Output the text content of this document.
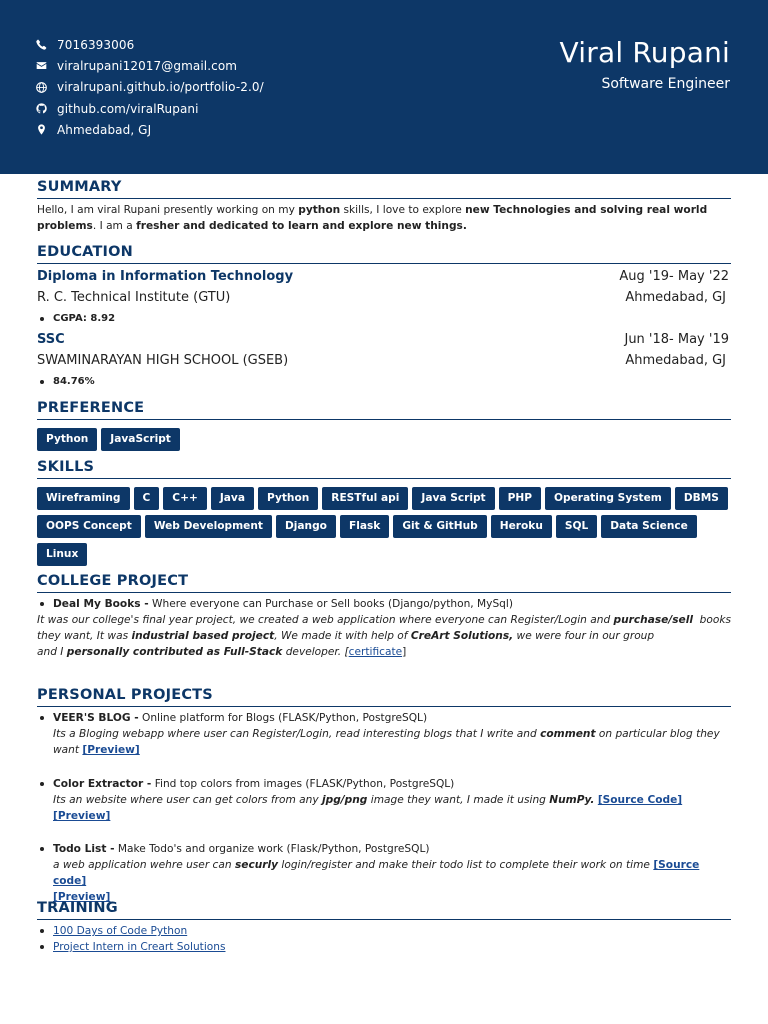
7016393006
viralrupani12017@gmail.com
viralrupani.github.io/portfolio-2.0/
github.com/viralRupani
Ahmedabad, GJ
Viral Rupani
Software Engineer
SUMMARY
Hello, I am viral Rupani presently working on my python skills, I love to explore new Technologies and solving real world problems. I am a fresher and dedicated to learn and explore new things.
EDUCATION
Diploma in Information Technology	Aug '19- May '22
R. C. Technical Institute (GTU)	Ahmedabad, GJ
CGPA: 8.92
SSC	Jun '18- May '19
SWAMINARAYAN HIGH SCHOOL (GSEB)	Ahmedabad, GJ
84.76%
PREFERENCE
Python	JavaScript
SKILLS
Wireframing	C	C++	Java	Python	RESTful api	Java Script	PHP	Operating System	DBMS
OOPS Concept	Web Development	Django	Flask	Git & GitHub	Heroku	SQL	Data Science
Linux
COLLEGE PROJECT
Deal My Books - Where everyone can Purchase or Sell books (Django/python, MySql)
It was our college's final year project, we created a web application where everyone can Register/Login and purchase/sell books
they want, It was industrial based project, We made it with help of CreArt Solutions, we were four in our group
and I personally contributed as Full-Stack developer. [certificate]
PERSONAL PROJECTS
VEER'S BLOG - Online platform for Blogs (FLASK/Python, PostgreSQL)
Its a Bloging webapp where user can Register/Login, read interesting blogs that I write and comment on particular blog they
want [Preview]
Color Extractor - Find top colors from images (FLASK/Python, PostgreSQL)
Its an website where user can get colors from any jpg/png image they want, I made it using NumPy. [Source Code] [Preview]
Todo List - Make Todo's and organize work (Flask/Python, PostgreSQL)
a web application wehre user can securly login/register and make their todo list to complete their work on time [Source code]
[Preview]
TRAINING
100 Days of Code Python
Project Intern in Creart Solutions
